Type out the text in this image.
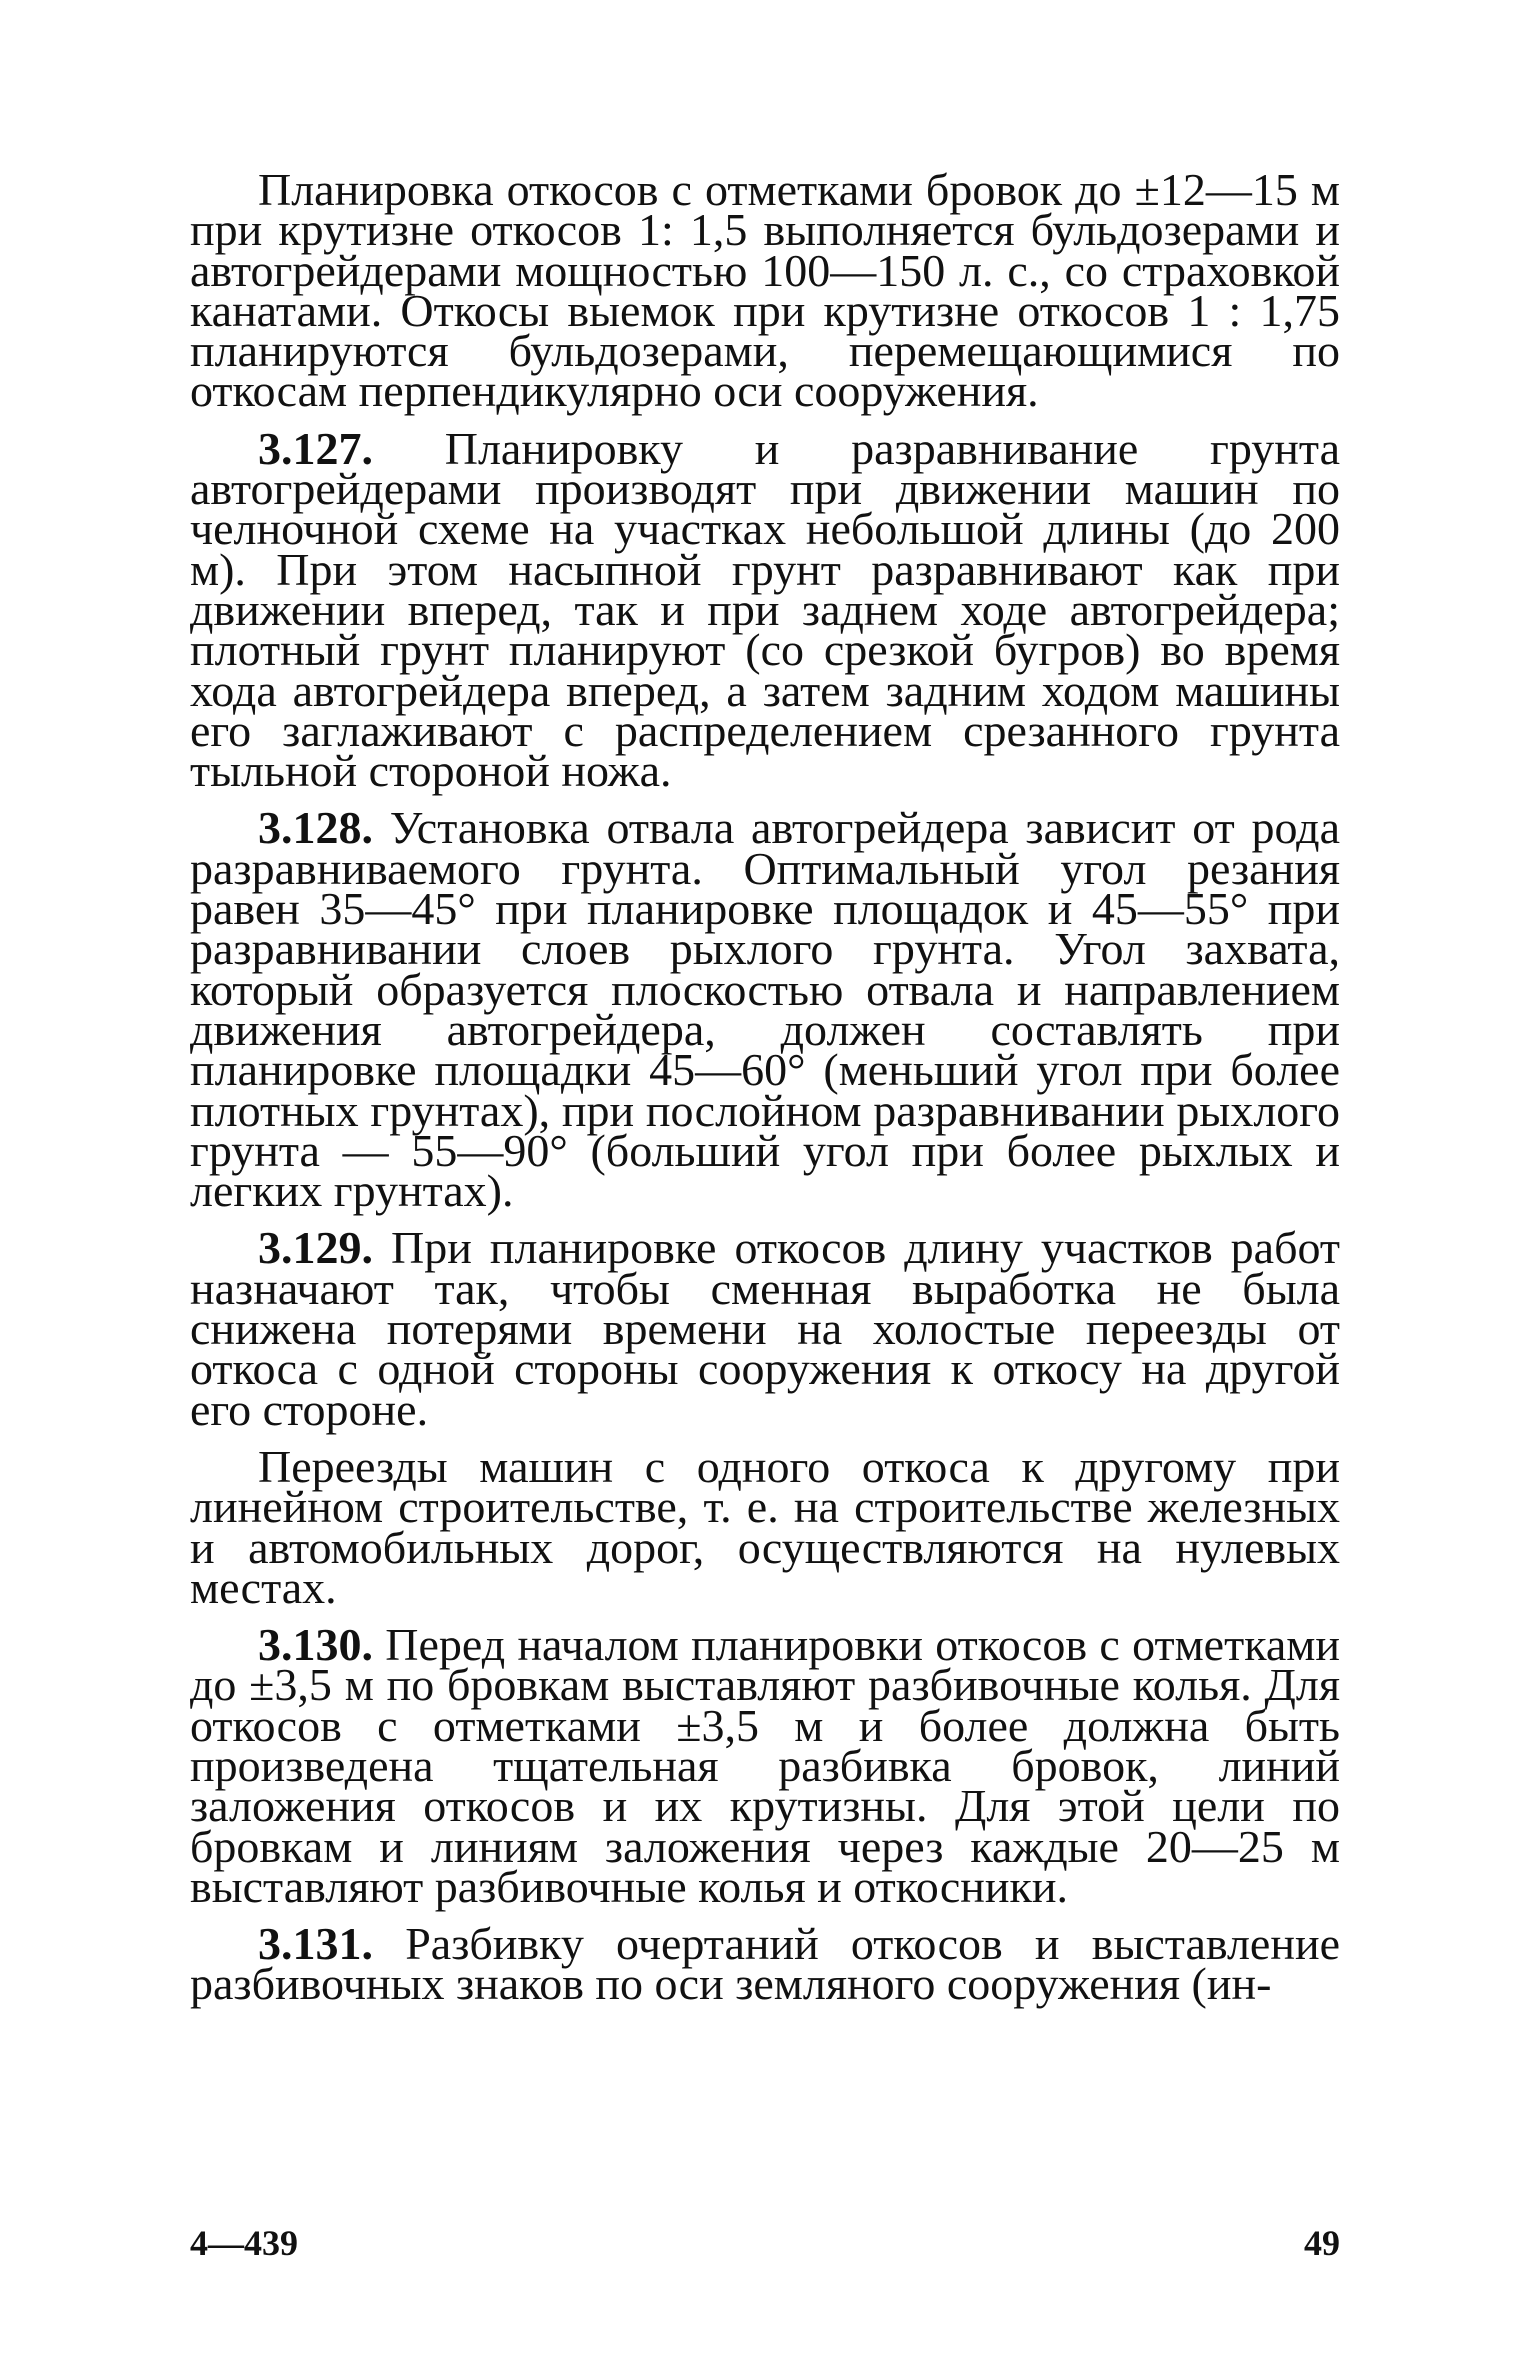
Планировка откосов с отметками бровок до ±12—15 м при крутизне откосов 1: 1,5 выполняется бульдозерами и автогрейдерами мощностью 100—150 л. с., со страховкой канатами. Откосы выемок при крутизне откосов 1 : 1,75 планируются бульдозерами, перемещающимися по откосам перпендикулярно оси сооружения.

3.127. Планировку и разравнивание грунта автогрейдерами производят при движении машин по челночной схеме на участках небольшой длины (до 200 м). При этом насыпной грунт разравнивают как при движении вперед, так и при заднем ходе автогрейдера; плотный грунт планируют (со срезкой бугров) во время хода автогрейдера вперед, а затем задним ходом машины его заглаживают с распределением срезанного грунта тыльной стороной ножа.

3.128. Установка отвала автогрейдера зависит от рода разравниваемого грунта. Оптимальный угол резания равен 35—45° при планировке площадок и 45—55° при разравнивании слоев рыхлого грунта. Угол захвата, который образуется плоскостью отвала и направлением движения автогрейдера, должен составлять при планировке площадки 45—60° (меньший угол при более плотных грунтах), при послойном разравнивании рыхлого грунта — 55—90° (больший угол при более рыхлых и легких грунтах).

3.129. При планировке откосов длину участков работ назначают так, чтобы сменная выработка не была снижена потерями времени на холостые переезды от откоса с одной стороны сооружения к откосу на другой его стороне.

Переезды машин с одного откоса к другому при линейном строительстве, т. е. на строительстве железных и автомобильных дорог, осуществляются на нулевых местах.

3.130. Перед началом планировки откосов с отметками до ±3,5 м по бровкам выставляют разбивочные колья. Для откосов с отметками ±3,5 м и более должна быть произведена тщательная разбивка бровок, линий заложения откосов и их крутизны. Для этой цели по бровкам и линиям заложения через каждые 20—25 м выставляют разбивочные колья и откосники.

3.131. Разбивку очертаний откосов и выставление разбивочных знаков по оси земляного сооружения (ин-

4—439	49
